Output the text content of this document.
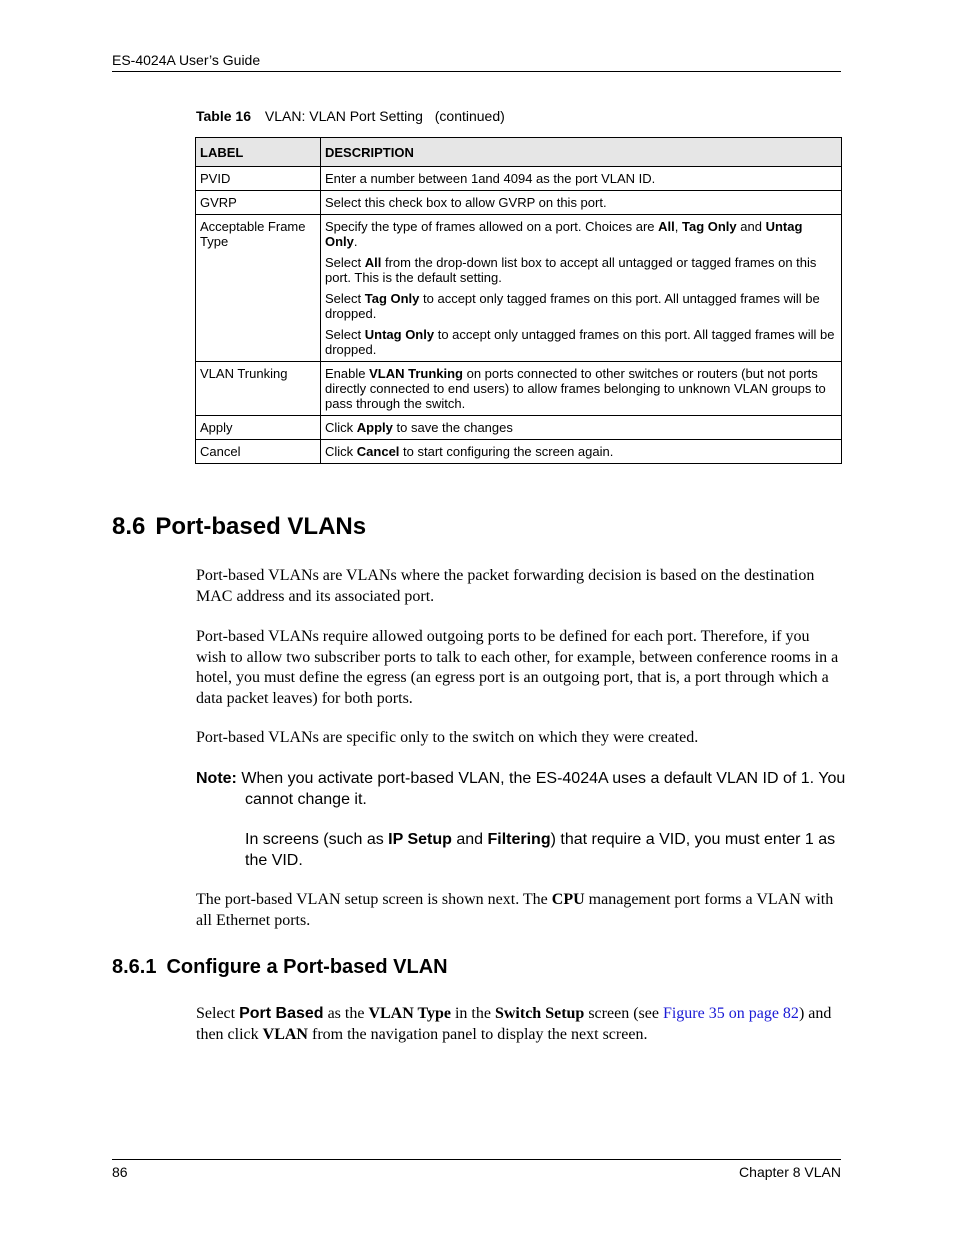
ES-4024A User’s Guide
Table 16 VLAN: VLAN Port Setting (continued)
LABEL	DESCRIPTION
PVID	Enter a number between 1and 4094 as the port VLAN ID.
GVRP	Select this check box to allow GVRP on this port.
Acceptable Frame Type	Specify the type of frames allowed on a port. Choices are All, Tag Only and Untag Only.

Select All from the drop-down list box to accept all untagged or tagged frames on this port. This is the default setting.

Select Tag Only to accept only tagged frames on this port. All untagged frames will be dropped.

Select Untag Only to accept only untagged frames on this port. All tagged frames will be dropped.

VLAN Trunking	Enable VLAN Trunking on ports connected to other switches or routers (but not ports directly connected to end users) to allow frames belonging to unknown VLAN groups to pass through the switch.
Apply	Click Apply to save the changes
Cancel	Click Cancel to start configuring the screen again.
8.6 Port-based VLANs
Port-based VLANs are VLANs where the packet forwarding decision is based on the destination MAC address and its associated port.
Port-based VLANs require allowed outgoing ports to be defined for each port. Therefore, if you wish to allow two subscriber ports to talk to each other, for example, between conference rooms in a hotel, you must define the egress (an egress port is an outgoing port, that is, a port through which a data packet leaves) for both ports.
Port-based VLANs are specific only to the switch on which they were created.
Note: When you activate port-based VLAN, the ES-4024A uses a default VLAN ID of 1. You cannot change it.
In screens (such as IP Setup and Filtering) that require a VID, you must enter 1 as the VID.
The port-based VLAN setup screen is shown next. The CPU management port forms a VLAN with all Ethernet ports.
8.6.1 Configure a Port-based VLAN
Select Port Based as the VLAN Type in the Switch Setup screen (see Figure 35 on page 82) and then click VLAN from the navigation panel to display the next screen.
86	Chapter 8 VLAN
